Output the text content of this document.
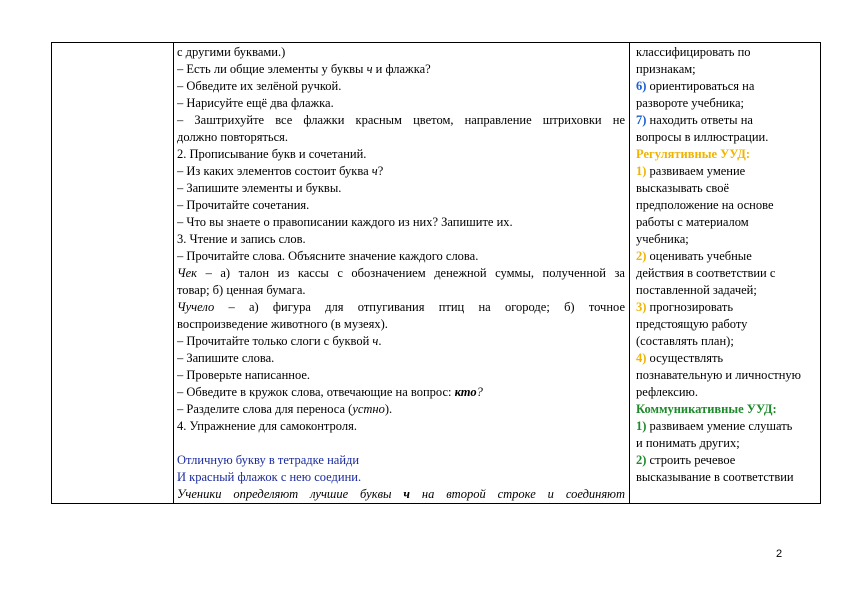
с другими буквами.)
– Есть ли общие элементы у буквы ч и флажка?
– Обведите их зелёной ручкой.
– Нарисуйте ещё два флажка.
– Заштрихуйте все флажки красным цветом, направление штриховки не
должно повторяться.
2. Прописывание букв и сочетаний.
– Из каких элементов состоит буква ч?
– Запишите элементы и буквы.
– Прочитайте сочетания.
– Что вы знаете о правописании каждого из них? Запишите их.
3. Чтение и запись слов.
– Прочитайте слова. Объясните значение каждого слова.
Чек – а) талон из кассы с обозначением денежной суммы, полученной за
товар; б) ценная бумага.
Чучело – а) фигура для отпугивания птиц на огороде; б) точное
воспроизведение животного (в музеях).
– Прочитайте только слоги с буквой ч.
– Запишите слова.
– Проверьте написанное.
– Обведите в кружок слова, отвечающие на вопрос: кто?
– Разделите слова для переноса (устно).
4. Упражнение для самоконтроля.
Отличную букву в тетрадке найди
И красный флажок с нею соедини.
Ученики определяют лучшие буквы ч на второй строке и соединяют
классифицировать по
признакам;
6) ориентироваться на
развороте учебника;
7) находить ответы на
вопросы в иллюстрации.
Регулятивные УУД:
1) развиваем умение
высказывать своё
предположение на основе
работы с материалом
учебника;
2) оценивать учебные
действия в соответствии с
поставленной задачей;
3) прогнозировать
предстоящую работу
(составлять план);
4) осуществлять
познавательную и личностную
рефлексию.
Коммуникативные УУД:
1) развиваем умение слушать
и понимать других;
2) строить речевое
высказывание в соответствии
2
